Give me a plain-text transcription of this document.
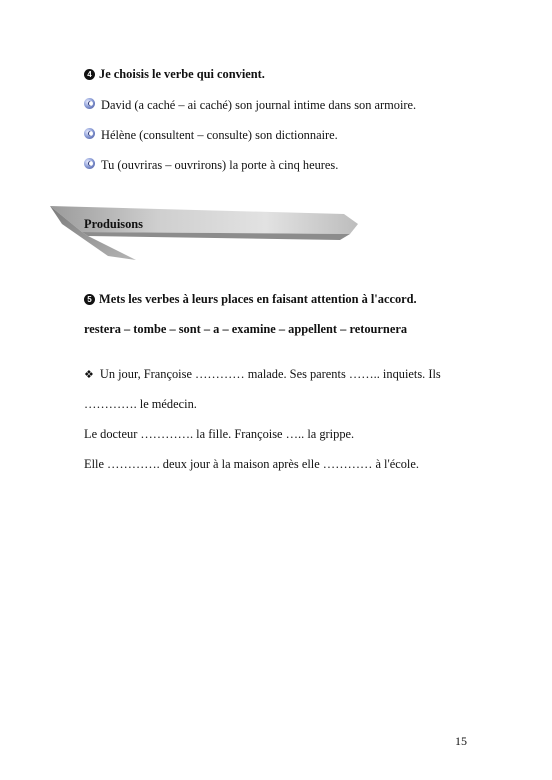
4 Je choisis le verbe qui convient.
David (a caché – ai caché) son journal intime dans son armoire.
Hélène (consultent – consulte) son dictionnaire.
Tu (ouvriras – ouvrirons) la porte à cinq heures.
Produisons
5 Mets les verbes à leurs places en faisant attention à l'accord.
restera – tombe – sont – a – examine – appellent – retournera
❖ Un jour, Françoise ………… malade. Ses parents …….. inquiets. Ils
…………. le médecin.
Le docteur …………. la fille. Françoise ….. la grippe.
Elle …………. deux jour à la maison après elle ………… à l'école.
15
